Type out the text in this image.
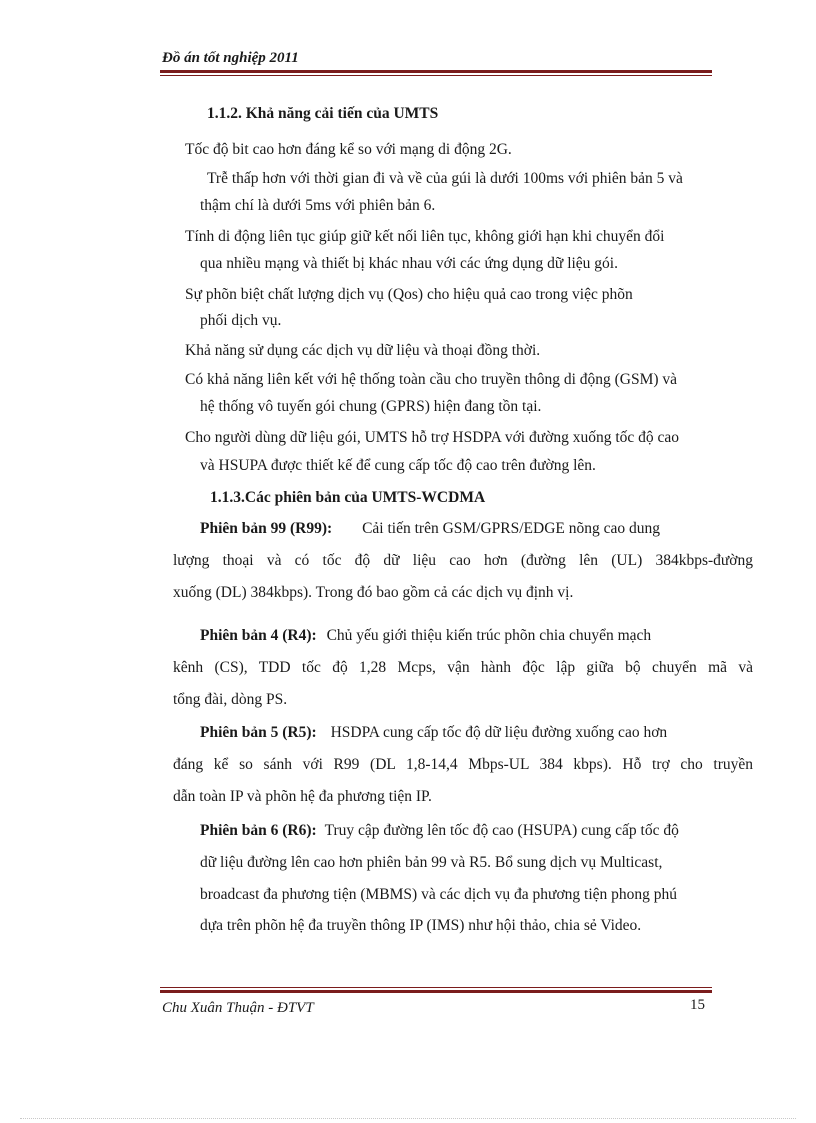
Đồ án tốt nghiệp 2011
1.1.2. Khả năng cải tiến của UMTS
Tốc độ bit cao hơn đáng kể so với mạng di động 2G.
Trễ thấp hơn với thời gian đi và về của gúi là dưới 100ms với phiên bản 5 và
thậm chí là dưới 5ms với phiên bản 6.
Tính di động liên tục giúp giữ kết nối liên tục, không giới hạn khi chuyển đổi
qua nhiều mạng và thiết bị khác nhau với các ứng dụng dữ liệu gói.
Sự phõn biệt chất lượng dịch vụ (Qos) cho hiệu quả cao trong việc phõn
phối dịch vụ.
Khả năng sử dụng các dịch vụ dữ liệu và thoại đồng thời.
Có khả năng liên kết với hệ thống toàn cầu cho truyền thông di động (GSM) và
hệ thống vô tuyến gói chung (GPRS) hiện đang tồn tại.
Cho người dùng dữ liệu gói, UMTS hỗ trợ HSDPA với đường xuống tốc độ cao
và HSUPA được thiết kế để cung cấp tốc độ cao trên đường lên.
1.1.3.Các phiên bản của UMTS-WCDMA
Phiên bản 99 (R99): Cải tiến trên GSM/GPRS/EDGE nõng cao dung
lượng thoại và có tốc độ dữ liệu cao hơn (đường lên (UL) 384kbps-đường
xuống (DL) 384kbps). Trong đó bao gồm cả các dịch vụ định vị.
Phiên bản 4 (R4): Chủ yếu giới thiệu kiến trúc phõn chia chuyển mạch
kênh (CS), TDD tốc độ 1,28 Mcps, vận hành độc lập giữa bộ chuyển mã và
tổng đài, dòng PS.
Phiên bản 5 (R5): HSDPA cung cấp tốc độ dữ liệu đường xuống cao hơn
đáng kể so sánh với R99 (DL 1,8-14,4 Mbps-UL 384 kbps). Hỗ trợ cho truyền
dẫn toàn IP và phõn hệ đa phương tiện IP.
Phiên bản 6 (R6): Truy cập đường lên tốc độ cao (HSUPA) cung cấp tốc độ
dữ liệu đường lên cao hơn phiên bản 99 và R5. Bổ sung dịch vụ Multicast,
broadcast đa phương tiện (MBMS) và các dịch vụ đa phương tiện phong phú
dựa trên phõn hệ đa truyền thông IP (IMS) như hội thảo, chia sẻ Video.
Chu Xuân Thuận - ĐTVT	15
